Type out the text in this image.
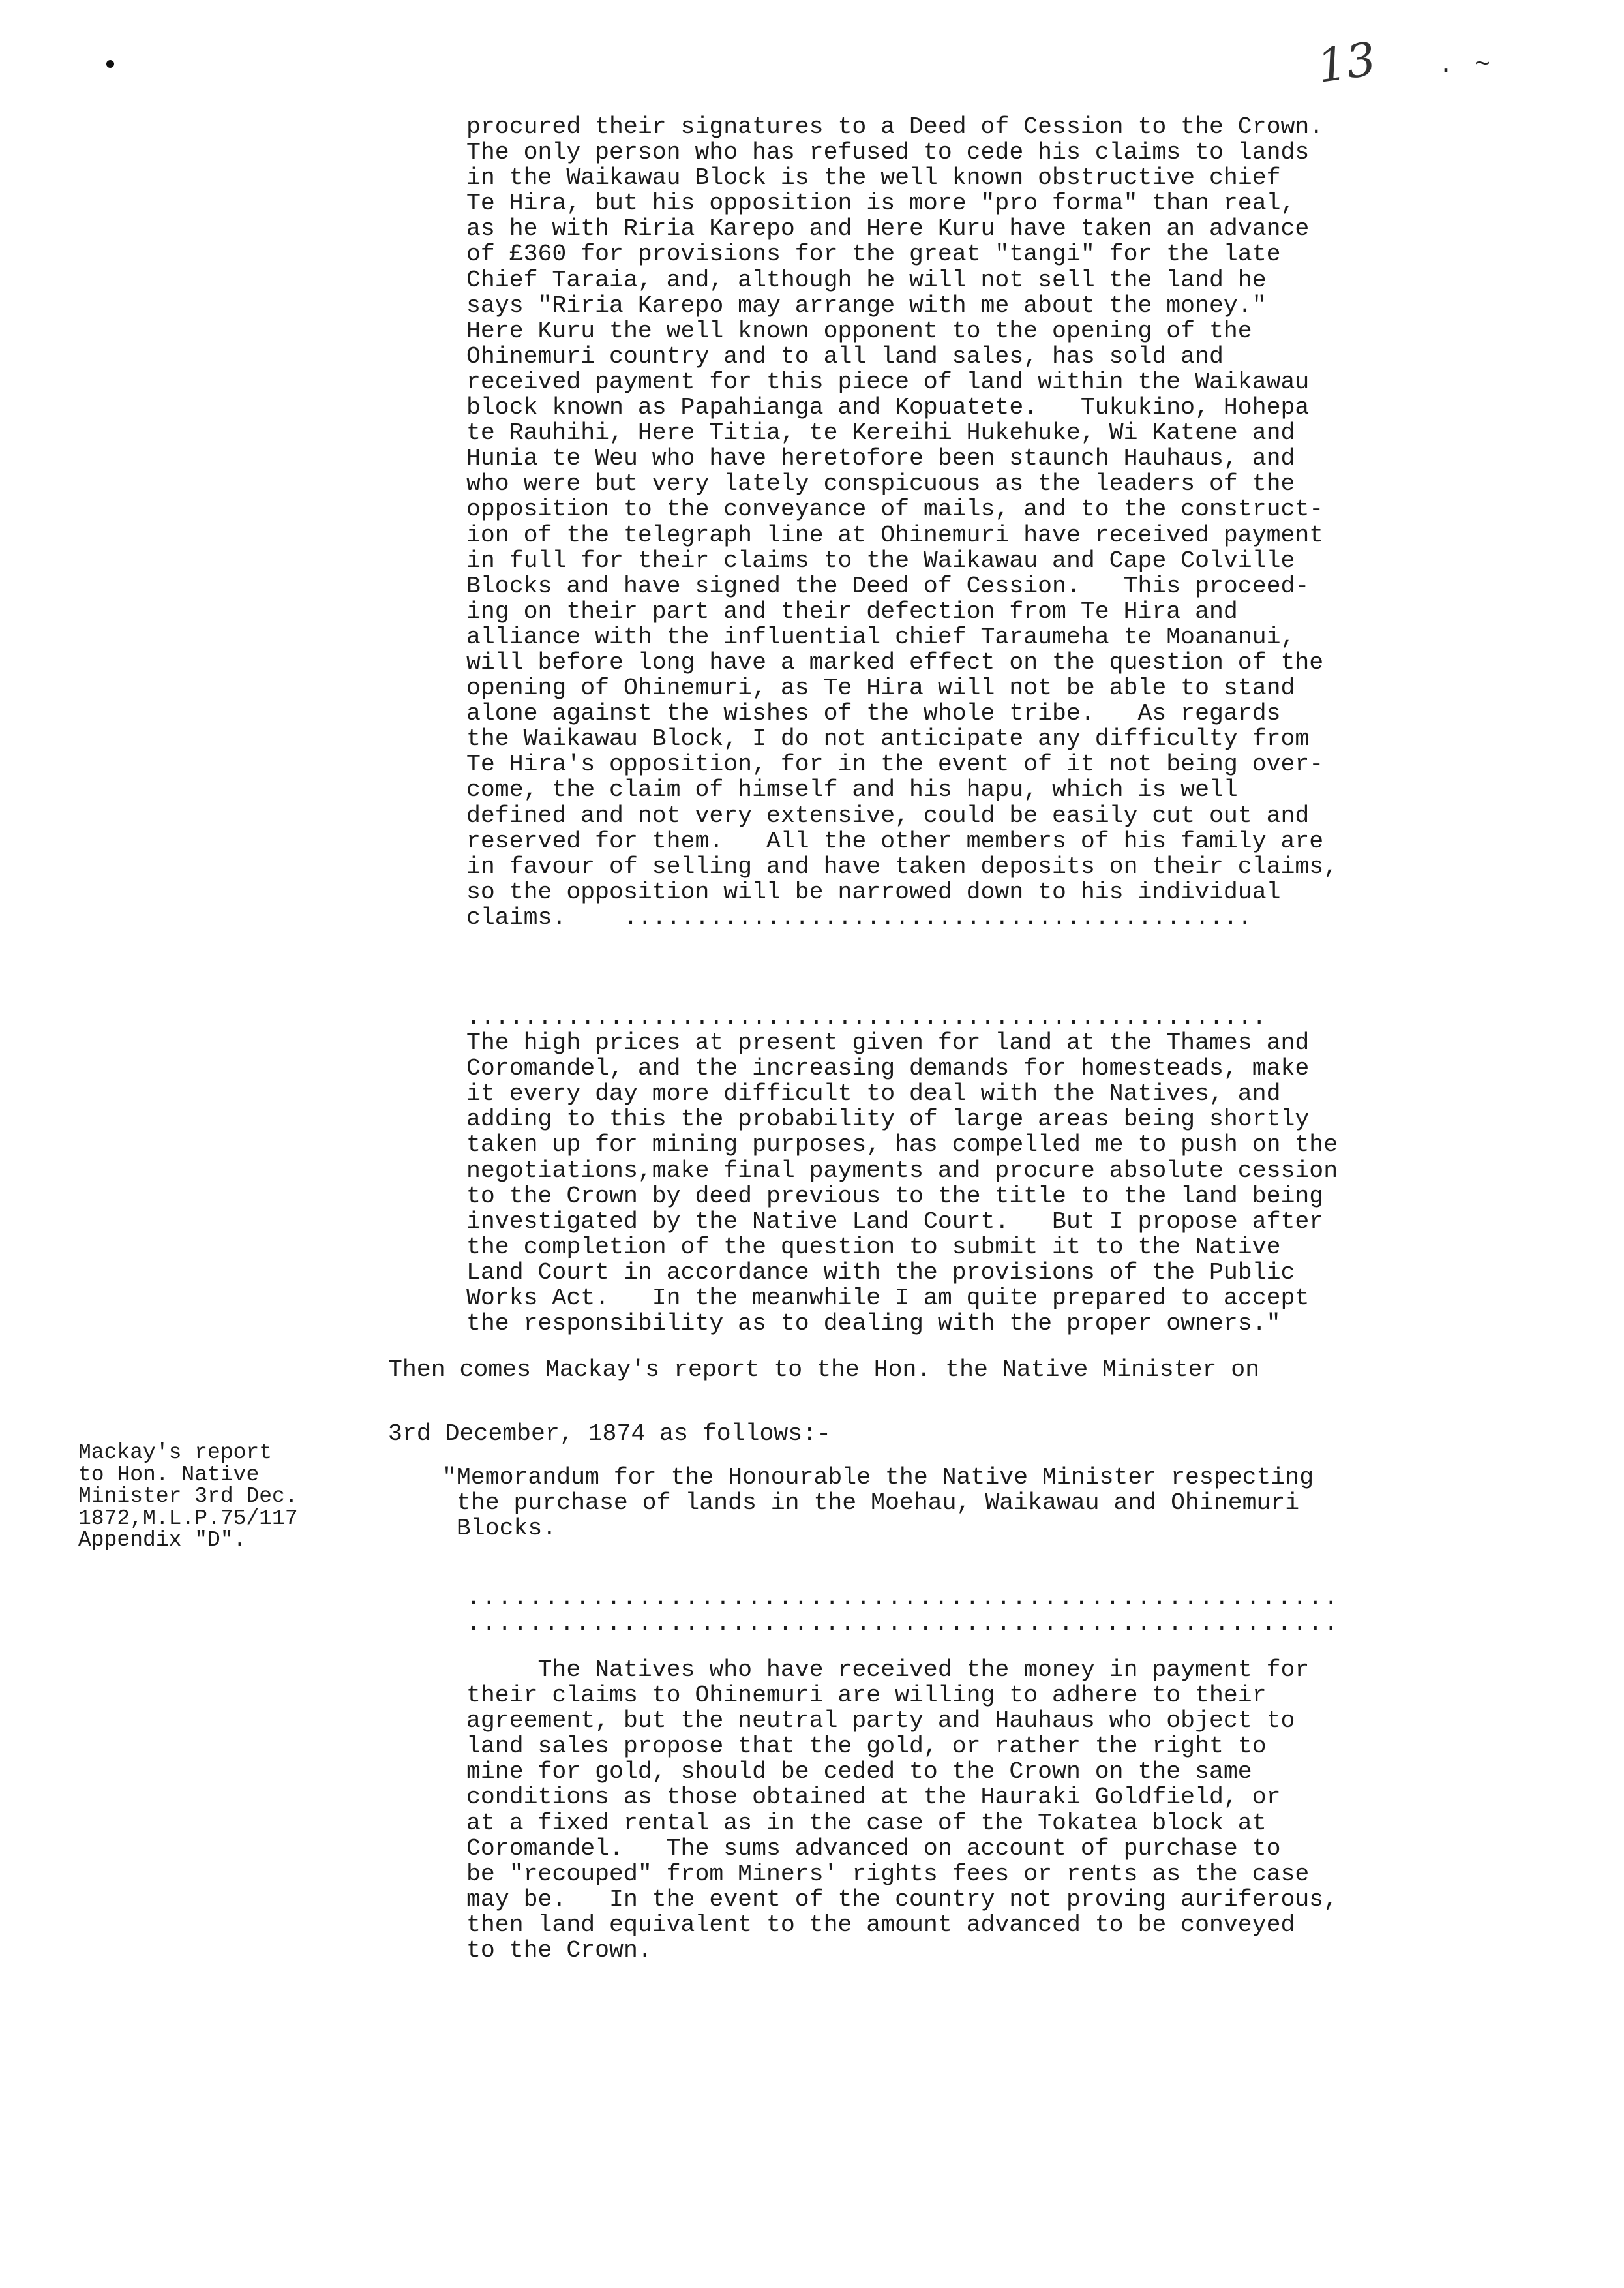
13 . ~
procured their signatures to a Deed of Cession to the Crown.
The only person who has refused to cede his claims to lands
in the Waikawau Block is the well known obstructive chief
Te Hira, but his opposition is more "pro forma" than real,
as he with Riria Karepo and Here Kuru have taken an advance
of £360 for provisions for the great "tangi" for the late
Chief Taraia, and, although he will not sell the land he
says "Riria Karepo may arrange with me about the money."
Here Kuru the well known opponent to the opening of the
Ohinemuri country and to all land sales, has sold and
received payment for this piece of land within the Waikawau
block known as Papahianga and Kopuatete.   Tukukino, Hohepa
te Rauhihi, Here Titia, te Kereihi Hukehuke, Wi Katene and
Hunia te Weu who have heretofore been staunch Hauhaus, and
who were but very lately conspicuous as the leaders of the
opposition to the conveyance of mails, and to the construct-
ion of the telegraph line at Ohinemuri have received payment
in full for their claims to the Waikawau and Cape Colville
Blocks and have signed the Deed of Cession.   This proceed-
ing on their part and their defection from Te Hira and
alliance with the influential chief Taraumeha te Moananui,
will before long have a marked effect on the question of the
opening of Ohinemuri, as Te Hira will not be able to stand
alone against the wishes of the whole tribe.   As regards
the Waikawau Block, I do not anticipate any difficulty from
Te Hira's opposition, for in the event of it not being over-
come, the claim of himself and his hapu, which is well
defined and not very extensive, could be easily cut out and
reserved for them.   All the other members of his family are
in favour of selling and have taken deposits on their claims,
so the opposition will be narrowed down to his individual
claims.    ............................................
........................................................
The high prices at present given for land at the Thames and
Coromandel, and the increasing demands for homesteads, make
it every day more difficult to deal with the Natives, and
adding to this the probability of large areas being shortly
taken up for mining purposes, has compelled me to push on the
negotiations,make final payments and procure absolute cession
to the Crown by deed previous to the title to the land being
investigated by the Native Land Court.   But I propose after
the completion of the question to submit it to the Native
Land Court in accordance with the provisions of the Public
Works Act.   In the meanwhile I am quite prepared to accept
the responsibility as to dealing with the proper owners."
Then comes Mackay's report to the Hon. the Native Minister on
3rd December, 1874 as follows:-
Mackay's report
to Hon. Native
Minister 3rd Dec.
1872,M.L.P.75/117
Appendix "D".
"Memorandum for the Honourable the Native Minister respecting
the purchase of lands in the Moehau, Waikawau and Ohinemuri
Blocks.
........................................................
........................................................
The Natives who have received the money in payment for
their claims to Ohinemuri are willing to adhere to their
agreement, but the neutral party and Hauhaus who object to
land sales propose that the gold, or rather the right to
mine for gold, should be ceded to the Crown on the same
conditions as those obtained at the Hauraki Goldfield, or
at a fixed rental as in the case of the Tokatea block at
Coromandel.   The sums advanced on account of purchase to
be "recouped" from Miners' rights fees or rents as the case
may be.   In the event of the country not proving auriferous,
then land equivalent to the amount advanced to be conveyed
to the Crown.
